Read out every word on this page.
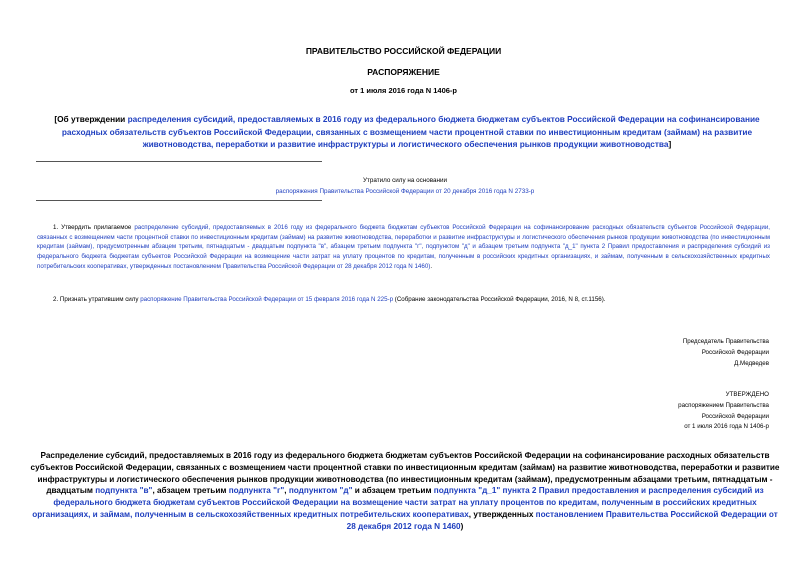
ПРАВИТЕЛЬСТВО РОССИЙСКОЙ ФЕДЕРАЦИИ
РАСПОРЯЖЕНИЕ
от 1 июля 2016 года N 1406-р
[Об утверждении распределения субсидий, предоставляемых в 2016 году из федерального бюджета бюджетам субъектов Российской Федерации на софинансирование расходных обязательств субъектов Российской Федерации, связанных с возмещением части процентной ставки по инвестиционным кредитам (займам) на развитие животноводства, переработки и развитие инфраструктуры и логистического обеспечения рынков продукции животноводства]
Утратило силу на основании
распоряжения Правительства Российской Федерации от 20 декабря 2016 года N 2733-р
1. Утвердить прилагаемое распределение субсидий, предоставляемых в 2016 году из федерального бюджета бюджетам субъектов Российской Федерации на софинансирование расходных обязательств субъектов Российской Федерации, связанных с возмещением части процентной ставки по инвестиционным кредитам (займам) на развитие животноводства, переработки и развитие инфраструктуры и логистического обеспечения рынков продукции животноводства (по инвестиционным кредитам (займам), предусмотренным абзацем третьим, пятнадцатым - двадцатым подпункта "в", абзацем третьим подпункта "г", подпунктом "д" и абзацем третьим подпункта "д_1" пункта 2 Правил предоставления и распределения субсидий из федерального бюджета бюджетам субъектов Российской Федерации на возмещение части затрат на уплату процентов по кредитам, полученным в российских кредитных организациях, и займам, полученным в сельскохозяйственных кредитных потребительских кооперативах, утвержденных постановлением Правительства Российской Федерации от 28 декабря 2012 года N 1460).
2. Признать утратившим силу распоряжение Правительства Российской Федерации от 15 февраля 2016 года N 225-р (Собрание законодательства Российской Федерации, 2016, N 8, ст.1156).
Председатель Правительства
Российской Федерации
Д.Медведев
УТВЕРЖДЕНО
распоряжением Правительства
Российской Федерации
от 1 июля 2016 года N 1406-р
Распределение субсидий, предоставляемых в 2016 году из федерального бюджета бюджетам субъектов Российской Федерации на софинансирование расходных обязательств субъектов Российской Федерации, связанных с возмещением части процентной ставки по инвестиционным кредитам (займам) на развитие животноводства, переработки и развитие инфраструктуры и логистического обеспечения рынков продукции животноводства (по инвестиционным кредитам (займам), предусмотренным абзацами третьим, пятнадцатым - двадцатым подпункта "в", абзацем третьим подпункта "г", подпунктом "д" и абзацем третьим подпункта "д_1" пункта 2 Правил предоставления и распределения субсидий из федерального бюджета бюджетам субъектов Российской Федерации на возмещение части затрат на уплату процентов по кредитам, полученным в российских кредитных организациях, и займам, полученным в сельскохозяйственных кредитных потребительских кооперативах, утвержденных постановлением Правительства Российской Федерации от 28 декабря 2012 года N 1460)
